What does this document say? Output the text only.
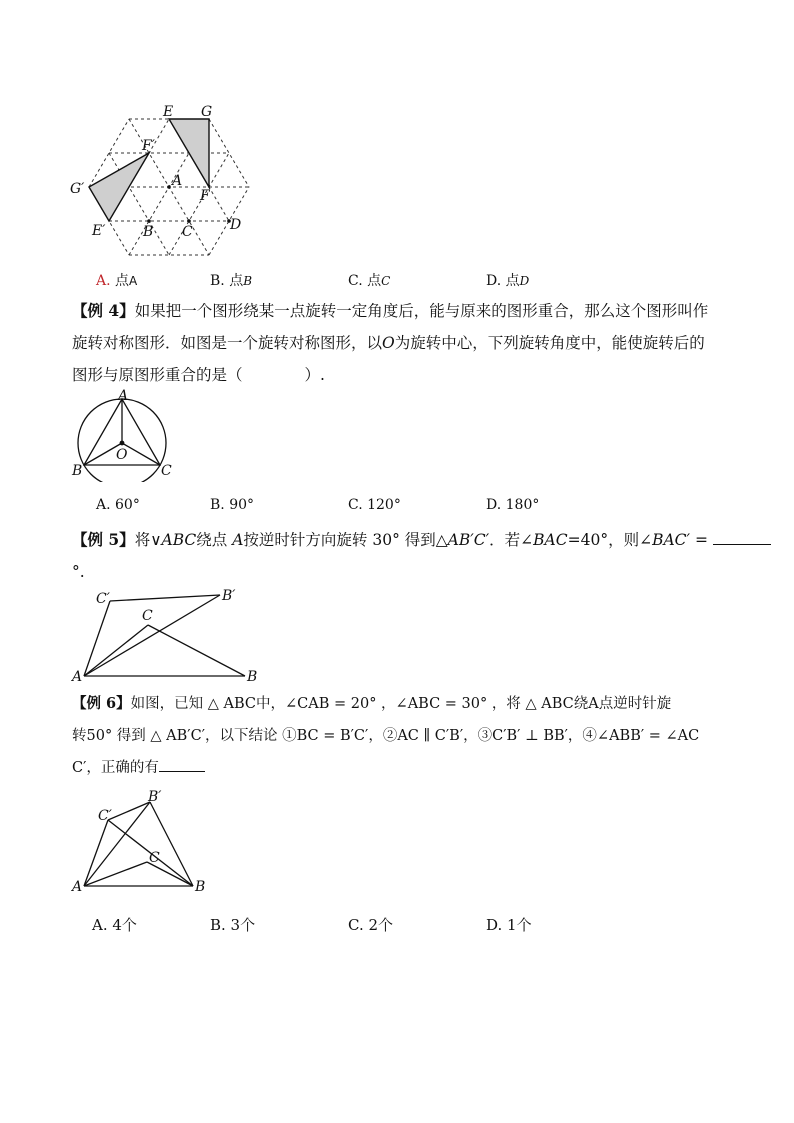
E G
F′
A
G′	F
E′	B C	D
A. 点A	B. 点B	C. 点C	D. 点D
【例 4】如果把一个图形绕某一点旋转一定角度后，能与原来的图形重合，那么这个图形叫作
旋转对称图形．如图是一个旋转对称图形，以O为旋转中心，下列旋转角度中，能使旋转后的
图形与原图形重合的是（　　　　）.
A
O
B	C
A. 60°	B. 90°	C. 120°	D. 180°
【例 5】将∨ABC绕点 A按逆时针方向旋转 30° 得到△AB′C′．若∠BAC=40°，则∠BAC′ =
°.
C′	B′
C
A	B
【例 6】如图，已知 △ ABC中，∠CAB = 20° ，∠ABC = 30° ，将 △ ABC绕A点逆时针旋
转50° 得到 △ AB′C′，以下结论 ①BC = B′C′，②AC ∥ C′B′，③C′B′ ⊥ BB′，④∠ABB′ = ∠AC
C′，正确的有
B′
C′
C
A	B
A. 4个	B. 3个	C. 2个	D. 1个
